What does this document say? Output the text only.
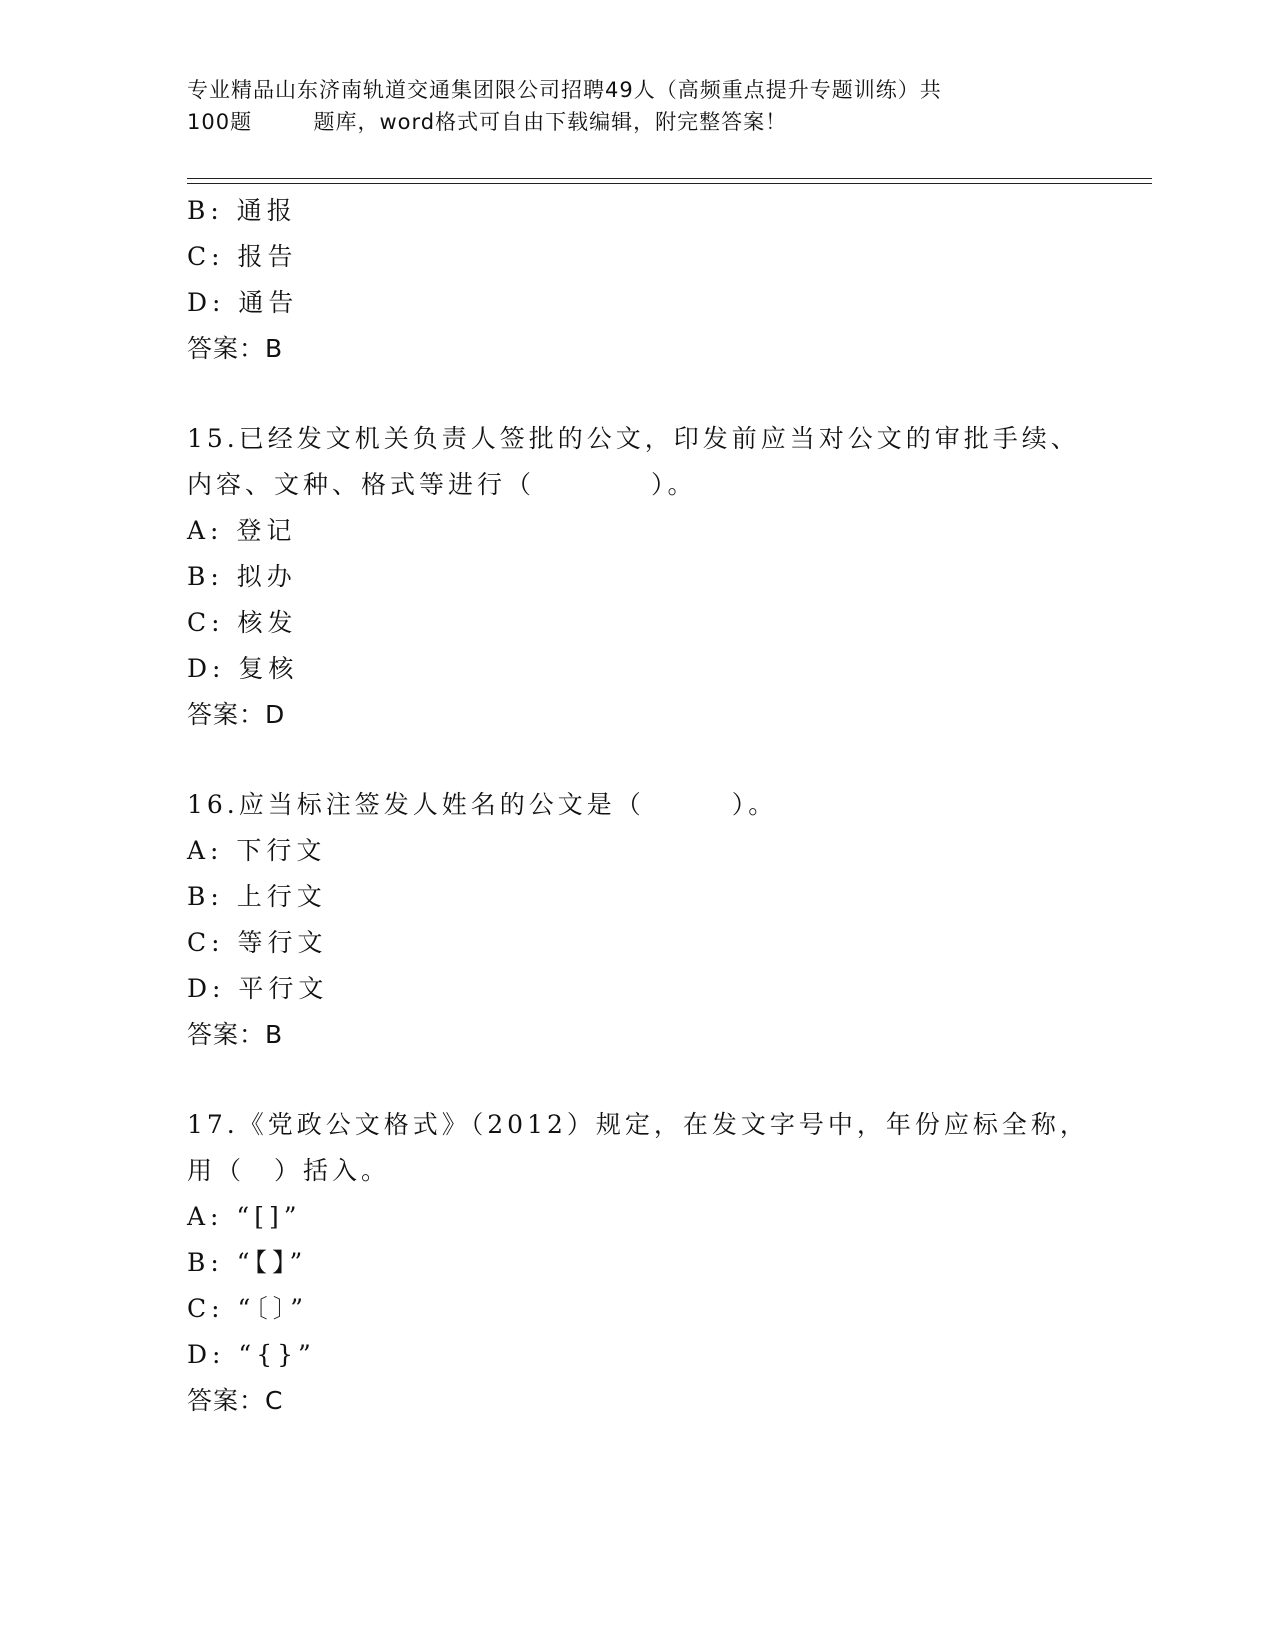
专业精品山东济南轨道交通集团限公司招聘49人（高频重点提升专题训练）共
100题        题库，word格式可自由下载编辑，附完整答案！
B: 通报
C: 报告
D: 通告
答案：B
15.已经发文机关负责人签批的公文，印发前应当对公文的审批手续、
内容、文种、格式等进行（　　　　）。
A: 登记
B: 拟办
C: 核发
D: 复核
答案：D
16.应当标注签发人姓名的公文是（　　　）。
A: 下行文
B: 上行文
C: 等行文
D: 平行文
答案：B
17.《党政公文格式》（2012）规定，在发文字号中，年份应标全称，
用（　）括入。
A: “[]”
B: “【】”
C: “〔〕”
D: “{}”
答案：C
